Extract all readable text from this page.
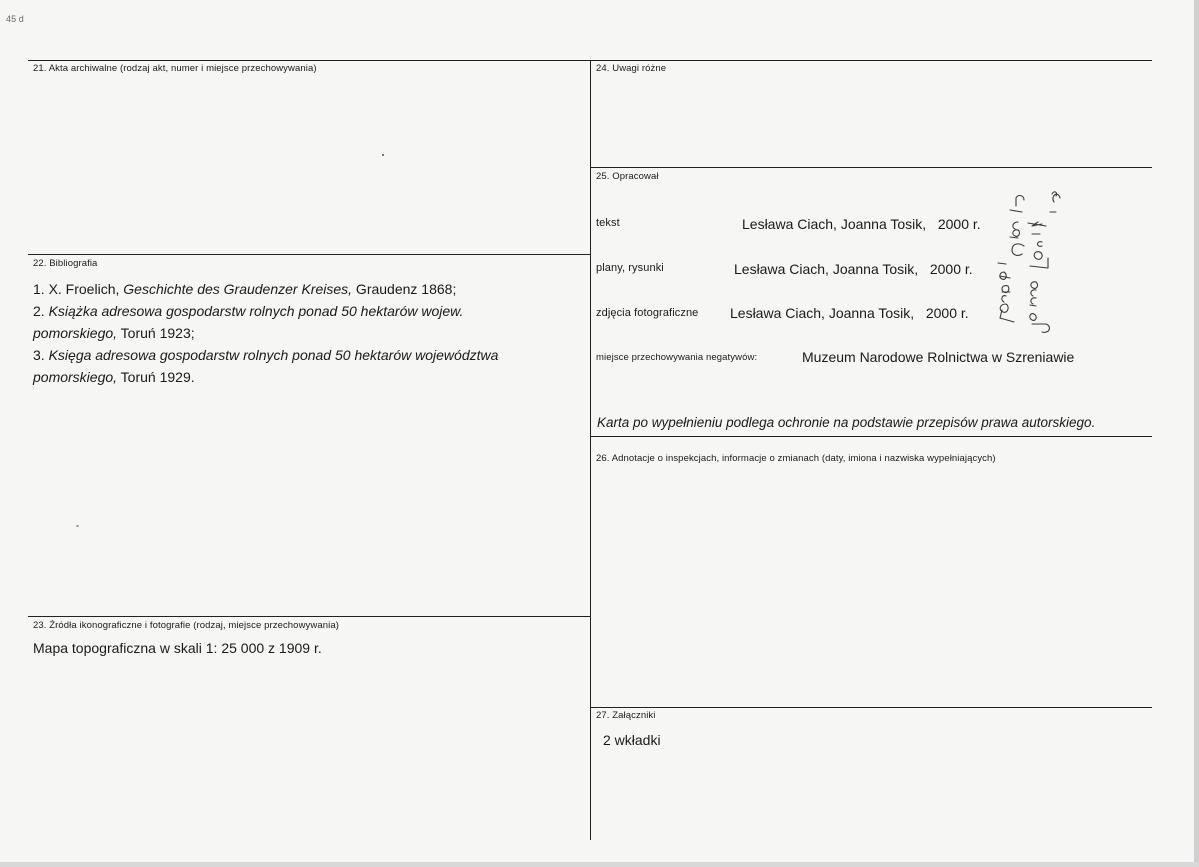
45 d
21. Akta archiwalne (rodzaj akt, numer i miejsce przechowywania)
22. Bibliografia
1. X. Froelich, Geschichte des Graudenzer Kreises, Graudenz 1868;
2. Książka adresowa gospodarstw rolnych ponad 50 hektarów wojew.
pomorskiego, Toruń 1923;
3. Księga adresowa gospodarstw rolnych ponad 50 hektarów województwa
pomorskiego, Toruń 1929.
23. Źródła ikonograficzne i fotografie (rodzaj, miejsce przechowywania)
Mapa topograficzna w skali 1: 25 000 z 1909 r.
24. Uwagi różne
25. Opracował
tekst	Lesława Ciach, Joanna Tosik,   2000 r.
plany, rysunki	Lesława Ciach, Joanna Tosik,   2000 r.
zdjęcia fotograficzne Lesława Ciach, Joanna Tosik,   2000 r.
miejsce przechowywania negatywów:	Muzeum Narodowe Rolnictwa w Szreniawie
Karta po wypełnieniu podlega ochronie na podstawie przepisów prawa autorskiego.
26. Adnotacje o inspekcjach, informacje o zmianach (daty, imiona i nazwiska wypełniających)
27. Załączniki
2 wkładki
